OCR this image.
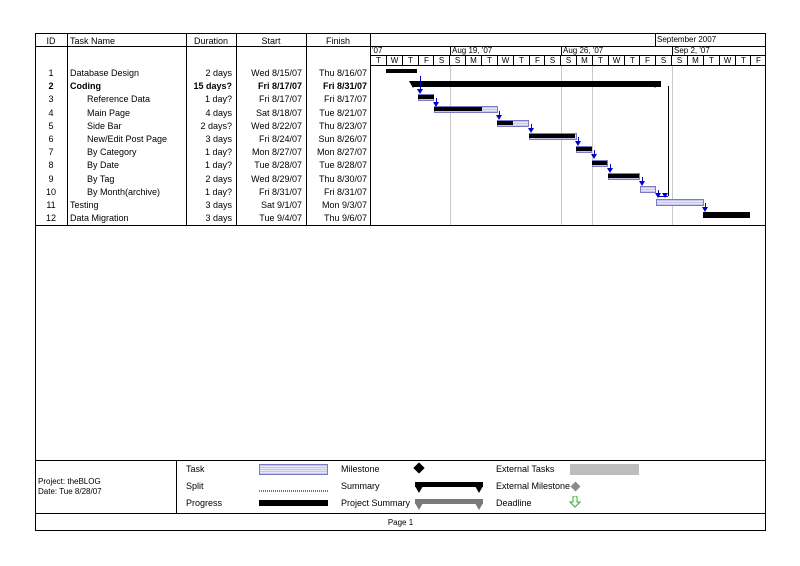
ID	Task Name	Duration	Start	Finish	September 2007
'07	Aug 19, '07	Aug 26, '07	Sep 2, '07
T	W	T	F	S	S	M	T	W	T	F	S	S	M	T	W	T	F	S	S	M	T	W	T	F
1	Database Design	2 days	Wed 8/15/07	Thu 8/16/07
2	Coding	15 days?	Fri 8/17/07	Fri 8/31/07
3	Reference Data	1 day?	Fri 8/17/07	Fri 8/17/07
4	Main Page	4 days	Sat 8/18/07	Tue 8/21/07
5	Side Bar	2 days?	Wed 8/22/07	Thu 8/23/07
6	New/Edit Post Page	3 days	Fri 8/24/07	Sun 8/26/07
7	By Category	1 day?	Mon 8/27/07	Mon 8/27/07
8	By Date	1 day?	Tue 8/28/07	Tue 8/28/07
9	By Tag	2 days	Wed 8/29/07	Thu 8/30/07
10	By Month(archive)	1 day?	Fri 8/31/07	Fri 8/31/07
11	Testing	3 days	Sat 9/1/07	Mon 9/3/07
12	Data Migration	3 days	Tue 9/4/07	Thu 9/6/07
Project: theBLOG
Date: Tue 8/28/07
Task
Split
Progress
Milestone
Summary
Project Summary
External Tasks
External Milestone
Deadline
Page 1
